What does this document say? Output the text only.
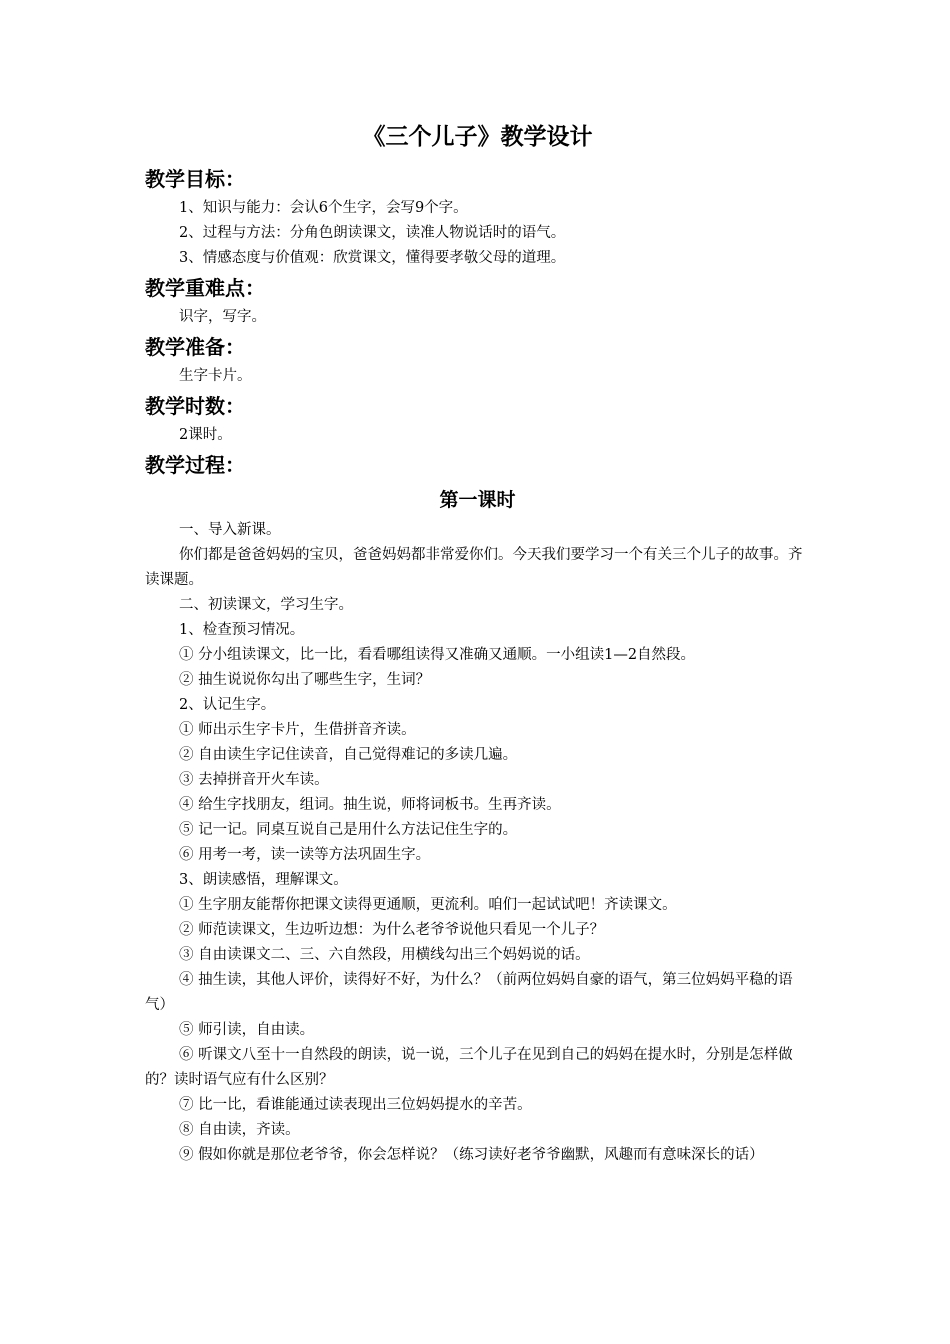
《三个儿子》教学设计
教学目标：

1、知识与能力：会认6个生字，会写9个字。

2、过程与方法：分角色朗读课文，读准人物说话时的语气。

3、情感态度与价值观：欣赏课文，懂得要孝敬父母的道理。

教学重难点：

识字，写字。

教学准备：

生字卡片。

教学时数：

2课时。

教学过程：
第一课时

一、导入新课。

你们都是爸爸妈妈的宝贝，爸爸妈妈都非常爱你们。今天我们要学习一个有关三个儿子的故事。齐读课题。

二、初读课文，学习生字。

1、检查预习情况。

① 分小组读课文，比一比，看看哪组读得又准确又通顺。一小组读1—2自然段。

② 抽生说说你勾出了哪些生字，生词？

2、认记生字。

① 师出示生字卡片，生借拼音齐读。

② 自由读生字记住读音，自己觉得难记的多读几遍。

③ 去掉拼音开火车读。

④ 给生字找朋友，组词。抽生说，师将词板书。生再齐读。

⑤ 记一记。同桌互说自己是用什么方法记住生字的。

⑥ 用考一考，读一读等方法巩固生字。

3、朗读感悟，理解课文。

① 生字朋友能帮你把课文读得更通顺，更流利。咱们一起试试吧！齐读课文。

② 师范读课文，生边听边想：为什么老爷爷说他只看见一个儿子？

③ 自由读课文二、三、六自然段，用横线勾出三个妈妈说的话。

④ 抽生读，其他人评价，读得好不好，为什么？（前两位妈妈自豪的语气，第三位妈妈平稳的语气）

⑤ 师引读，自由读。

⑥ 听课文八至十一自然段的朗读，说一说，三个儿子在见到自己的妈妈在提水时，分别是怎样做的？读时语气应有什么区别？

⑦ 比一比，看谁能通过读表现出三位妈妈提水的辛苦。

⑧ 自由读，齐读。

⑨ 假如你就是那位老爷爷，你会怎样说？（练习读好老爷爷幽默，风趣而有意味深长的话）
